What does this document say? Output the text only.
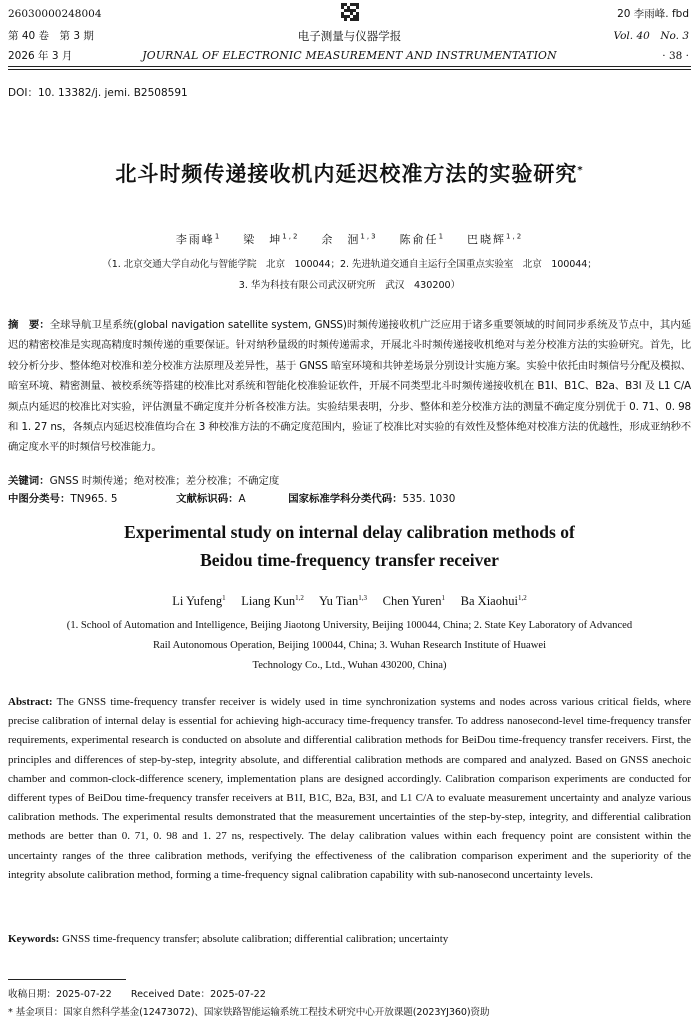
26030000248004	20 李雨峰. fbd
第 40 卷　第 3 期	电子测量与仪器学报	Vol. 40　No. 3
2026 年 3 月	JOURNAL OF ELECTRONIC MEASUREMENT AND INSTRUMENTATION	· 38 ·
DOI：10. 13382/j. jemi. B2508591
北斗时频传递接收机内延迟校准方法的实验研究*
李雨峰$^1$ 梁　坤$^{1,2}$ 余　洄$^{1,3}$ 陈俞任$^1$ 巴晓辉$^{1,2}$
（1. 北京交通大学自动化与智能学院　北京　100044；2. 先进轨道交通自主运行全国重点实验室　北京　100044；
3. 华为科技有限公司武汉研究所　武汉　430200）
摘　要：全球导航卫星系统(global navigation satellite system, GNSS)时频传递接收机广泛应用于诸多重要领域的时间同步系统及节点中，其内延迟的精密校准是实现高精度时频传递的重要保证。针对纳秒量级的时频传递需求，开展北斗时频传递接收机绝对与差分校准方法的实验研究。首先，比较分析分步、整体绝对校准和差分校准方法原理及差异性，基于 GNSS 暗室环境和共钟差场景分别设计实施方案。实验中依托由时频信号分配及模拟、暗室环境、精密测量、被校系统等搭建的校准比对系统和智能化校准验证软件，开展不同类型北斗时频传递接收机在 B1I、B1C、B2a、B3I 及 L1 C/A 频点内延迟的校准比对实验，评估测量不确定度并分析各校准方法。实验结果表明，分步、整体和差分校准方法的测量不确定度分别优于 0. 71、0. 98 和 1. 27 ns，各频点内延迟校准值均合在 3 种校准方法的不确定度范围内，验证了校准比对实验的有效性及整体绝对校准方法的优越性，形成亚纳秒不确定度水平的时频信号校准能力。
关键词：GNSS 时频传递；绝对校准；差分校准；不确定度
中图分类号：TN965. 5	文献标识码：A	国家标准学科分类代码：535. 1030
Experimental study on internal delay calibration methods of
Beidou time-frequency transfer receiver
Li Yufeng$^1$ Liang Kun$^{1,2}$ Yu Tian$^{1,3}$ Chen Yuren$^1$ Ba Xiaohui$^{1,2}$
(1. School of Automation and Intelligence, Beijing Jiaotong University, Beijing 100044, China; 2. State Key Laboratory of Advanced
Rail Autonomous Operation, Beijing 100044, China; 3. Wuhan Research Institute of Huawei
Technology Co., Ltd., Wuhan 430200, China)
Abstract: The GNSS time-frequency transfer receiver is widely used in time synchronization systems and nodes across various critical fields, where precise calibration of internal delay is essential for achieving high-accuracy time-frequency transfer. To address nanosecond-level time-frequency transfer requirements, experimental research is conducted on absolute and differential calibration methods for BeiDou time-frequency transfer receivers. First, the principles and differences of step-by-step, integrity absolute, and differential calibration methods are compared and analyzed. Based on GNSS anechoic chamber and common-clock-difference scenery, implementation plans are designed accordingly. Calibration comparison experiments are conducted for different types of BeiDou time-frequency transfer receivers at B1I, B1C, B2a, B3I, and L1 C/A to evaluate measurement uncertainty and analyze various calibration methods. The experimental results demonstrated that the measurement uncertainties of the step-by-step, integrity, and differential calibration methods are better than 0. 71, 0. 98 and 1. 27 ns, respectively. The delay calibration values within each frequency point are consistent within the uncertainty ranges of the three calibration methods, verifying the effectiveness of the calibration comparison experiment and the superiority of the integrity absolute calibration method, forming a time-frequency signal calibration capability with sub-nanosecond uncertainty levels.
Keywords: GNSS time-frequency transfer; absolute calibration; differential calibration; uncertainty
收稿日期：2025-07-22　　Received Date：2025-07-22
* 基金项目：国家自然科学基金(12473072)、国家铁路智能运输系统工程技术研究中心开放课题(2023YJ360)资助
